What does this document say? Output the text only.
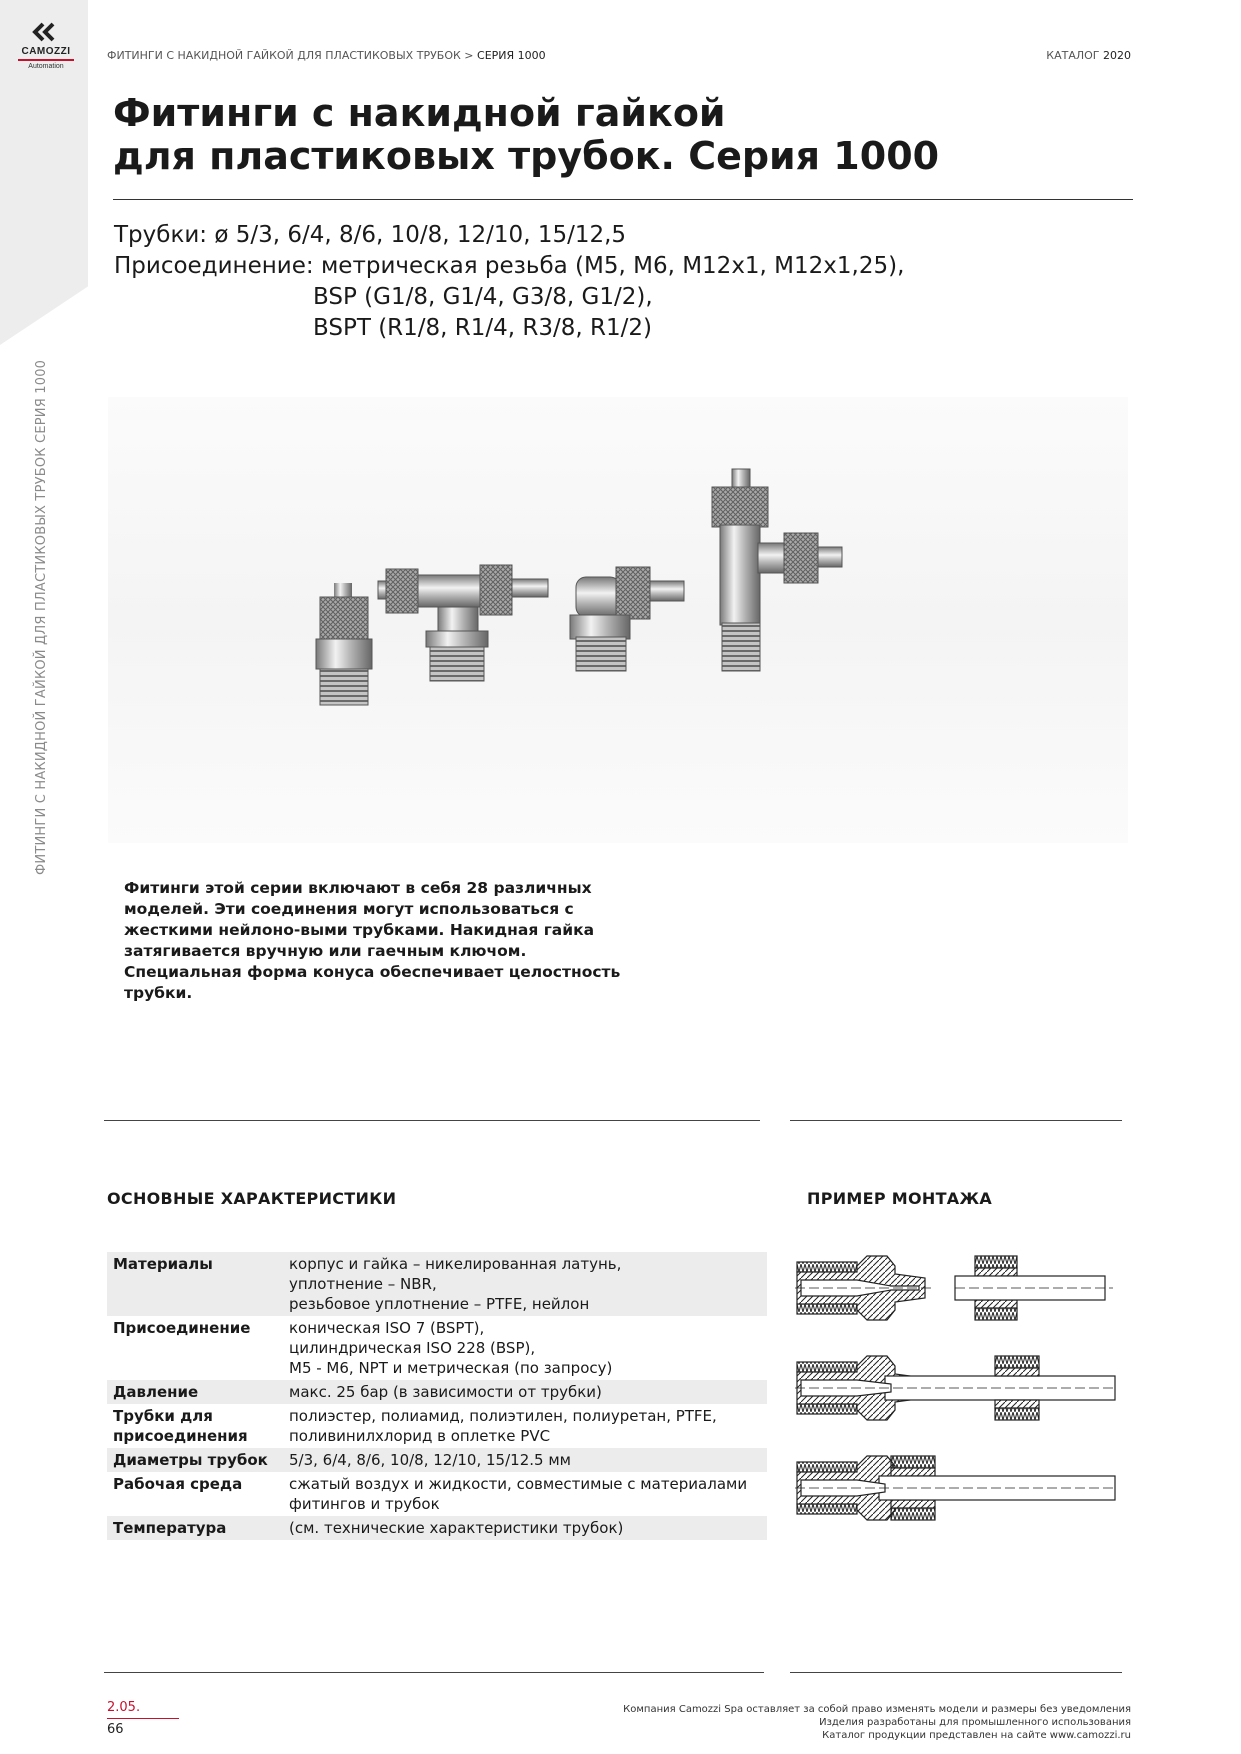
CAMOZZI
Automation
ФИТИНГИ С НАКИДНОЙ ГАЙКОЙ ДЛЯ ПЛАСТИКОВЫХ ТРУБОК СЕРИЯ 1000
ФИТИНГИ С НАКИДНОЙ ГАЙКОЙ ДЛЯ ПЛАСТИКОВЫХ ТРУБОК > СЕРИЯ 1000	КАТАЛОГ 2020
Фитинги с накидной гайкой
для пластиковых трубок. Серия 1000
Трубки: ø 5/3, 6/4, 8/6, 10/8, 12/10, 15/12,5
Присоединение: метрическая резьба (M5, M6, M12x1, M12x1,25),
BSP (G1/8, G1/4, G3/8, G1/2),
BSPT (R1/8, R1/4, R3/8, R1/2)
Фитинги этой серии включают в себя 28 различных моделей. Эти соединения могут использоваться с жесткими нейлоно-выми трубками. Накидная гайка затягивается вручную или гаечным ключом. Специальная форма конуса обеспечивает целостность трубки.
ОСНОВНЫЕ ХАРАКТЕРИСТИКИ	ПРИМЕР МОНТАЖА
Материалы	корпус и гайка – никелированная латунь,
уплотнение – NBR,
резьбовое уплотнение – PTFE, нейлон

Присоединение	коническая ISO 7 (BSPT),
цилиндрическая ISO 228 (BSP),
M5 - M6, NPT и метрическая (по запросу)

Давление	макс. 25 бар (в зависимости от трубки)

Трубки для присоединения	полиэстер, полиамид, полиэтилен, полиуретан, PTFE,
поливинилхлорид в оплетке PVC

Диаметры трубок	5/3, 6/4, 8/6, 10/8, 12/10, 15/12.5 мм

Рабочая среда	сжатый воздух и жидкости, совместимые с материалами
фитингов и трубок

Температура	(см. технические характеристики трубок)
2.05.
66
Компания Camozzi Spa оставляет за собой право изменять модели и размеры без уведомления
Изделия разработаны для промышленного использования
Каталог продукции представлен на сайте www.camozzi.ru
